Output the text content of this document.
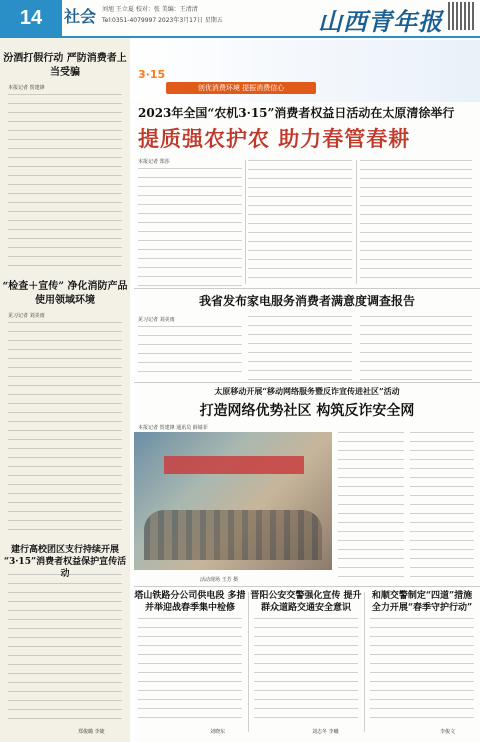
14	社会 刘旭 王立夏 校对：张 美编：王清清
Tel:0351-4079997 2023年3月17日 星期五	山西青年报
汾酒打假行动 严防消费者上当受骗
本报记者 贺建锋
“检查＋宣传” 净化消防产品使用领域环境
见习记者 刘美雨
建行高校团区支行持续开展 “3·15”消费者权益保护宣传活动
郑俊璐 李婕
3·15
创优消费环境 提振消费信心
2023年全国“农机3·15”消费者权益日活动在太原清徐举行
提质强农护农 助力春管春耕
本报记者 郑莎
我省发布家电服务消费者满意度调查报告
见习记者 刘美雨
太原移动开展“移动网络服务暨反诈宣传进社区”活动
打造网络优势社区 构筑反诈安全网
本报记者 贺建锋 通讯员 薛婧菲
活动现场 王芳 摄
塔山铁路分公司供电段 多措并举迎战春季集中检修
刘晓东
晋阳公安交警强化宣传 提升群众道路交通安全意识
刘志冬 李曦
和顺交警制定“四道”措施 全力开展“春季守护行动”
李俊文
